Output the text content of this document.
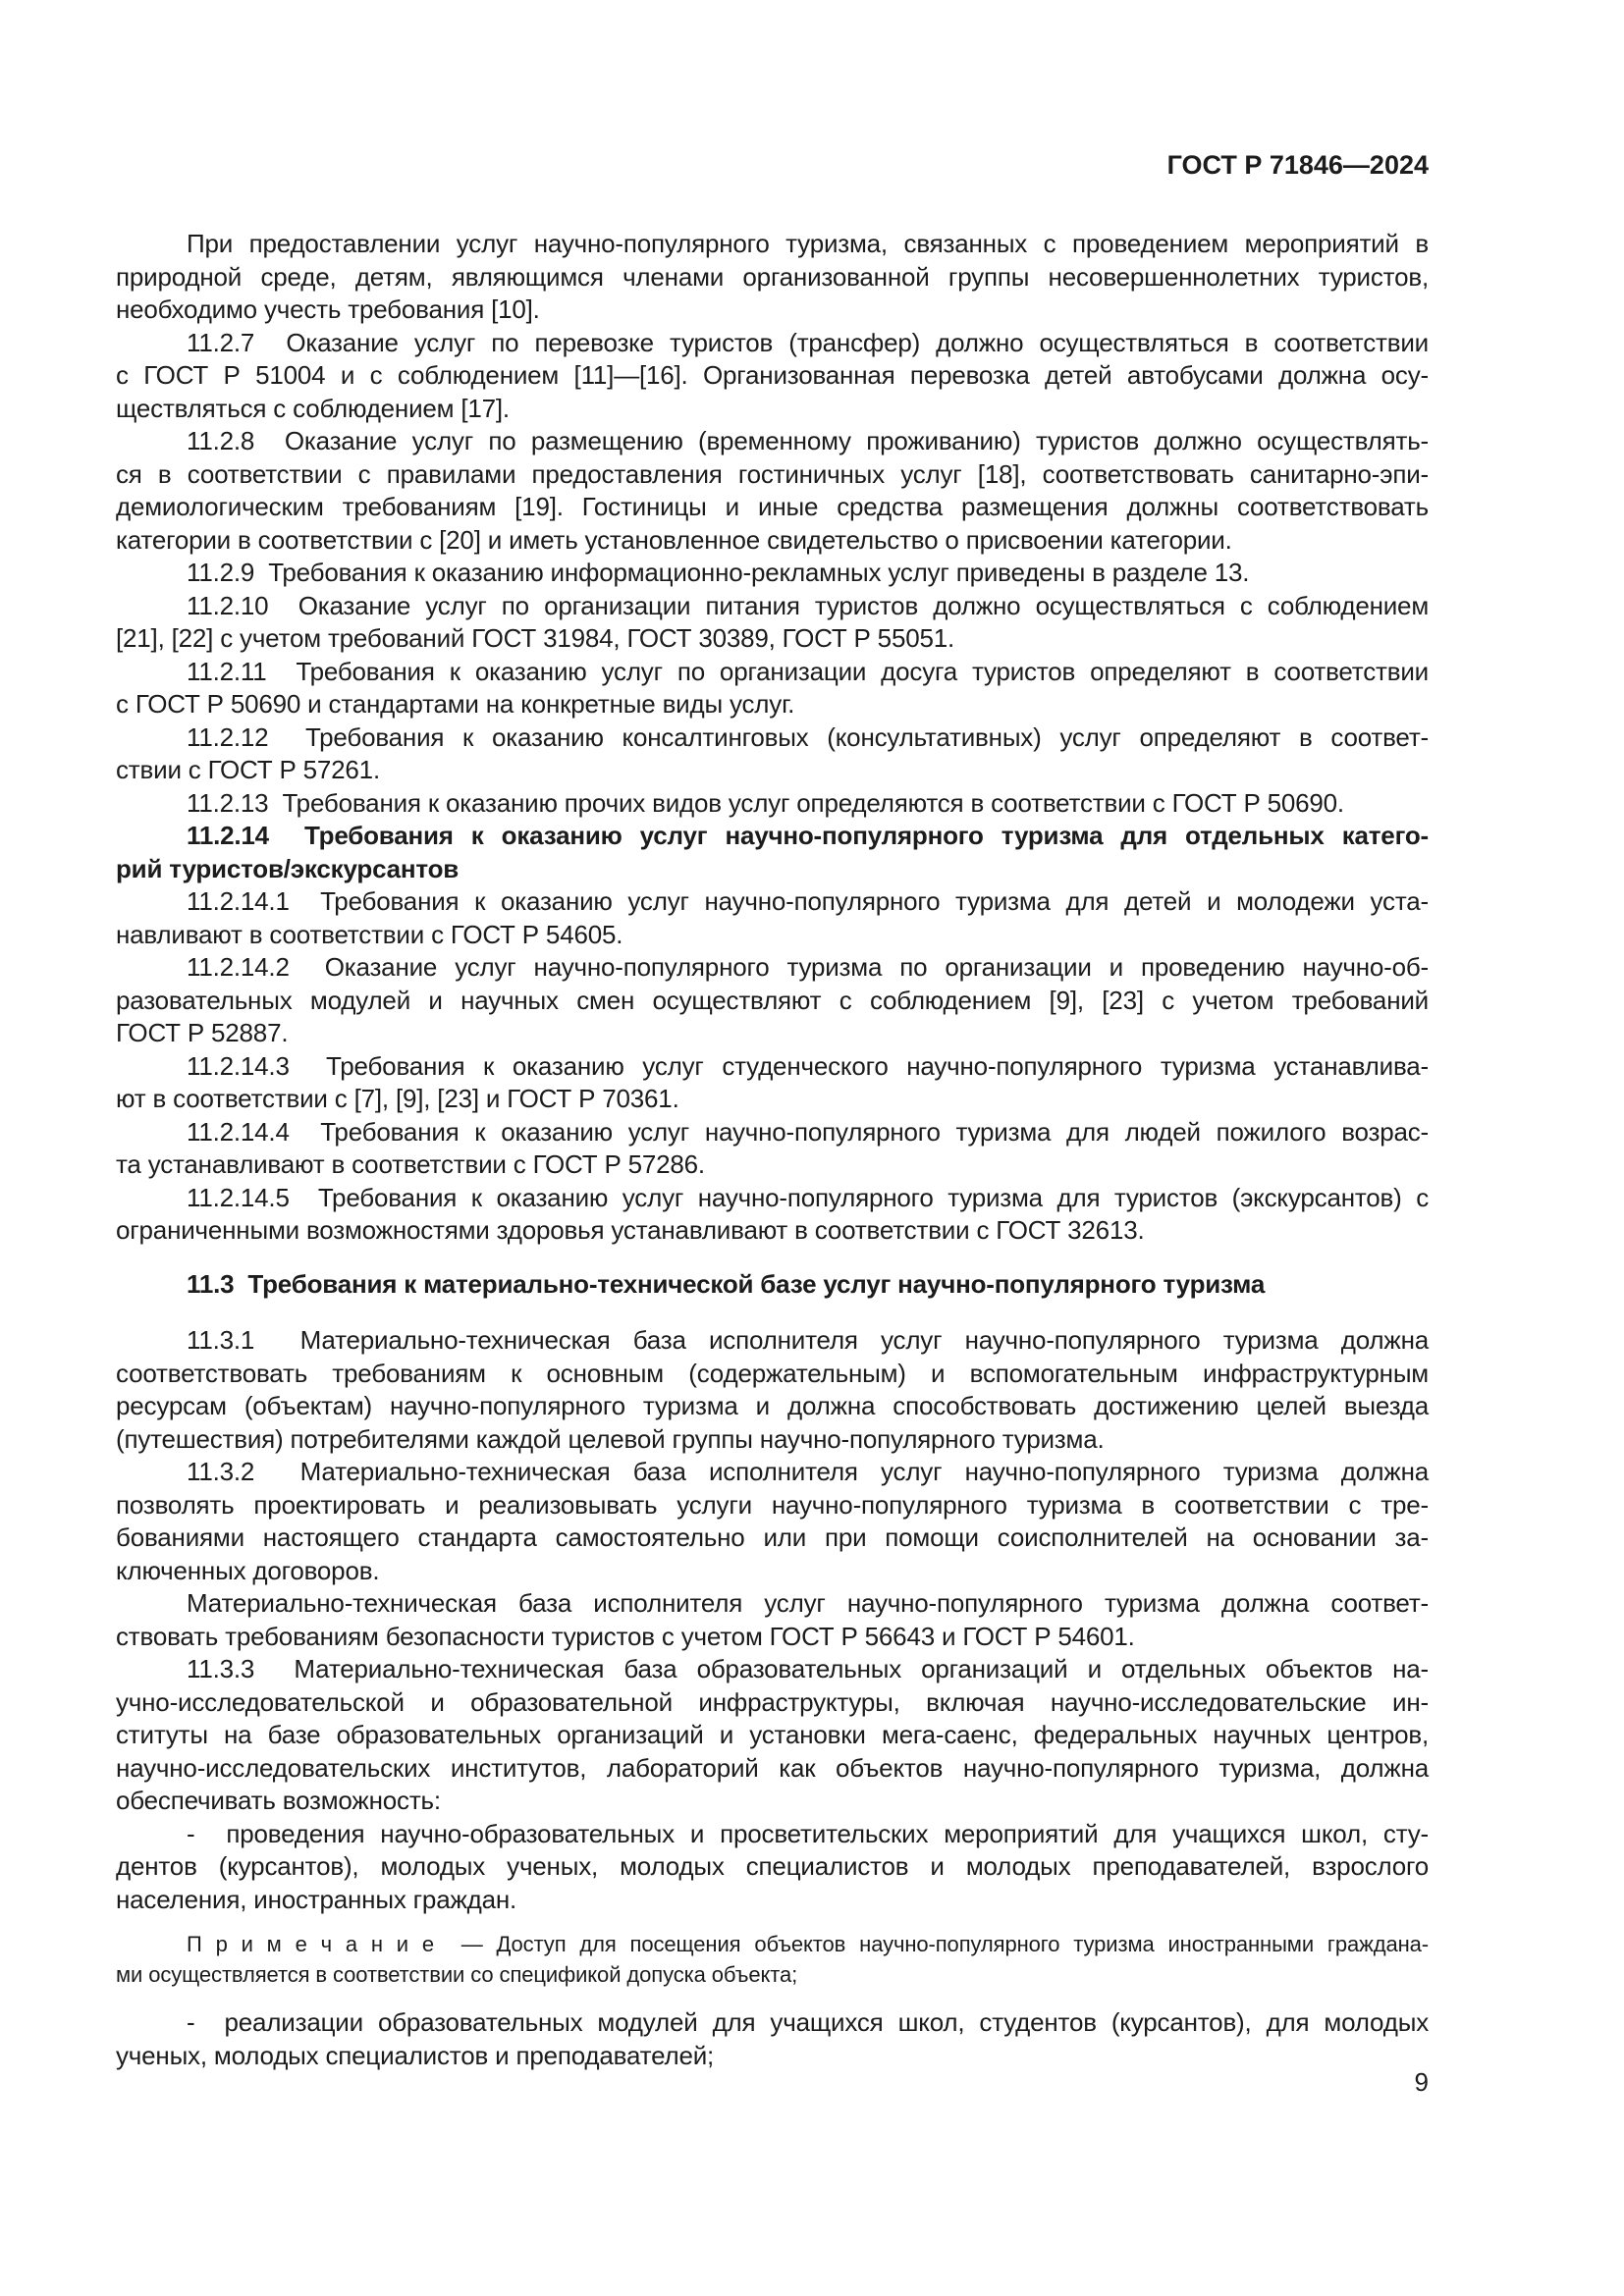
ГОСТ Р 71846—2024
При предоставлении услуг научно-популярного туризма, связанных с проведением мероприятий в
природной среде, детям, являющимся членами организованной группы несовершеннолетних туристов,
необходимо учесть требования [10].
11.2.7  Оказание услуг по перевозке туристов (трансфер) должно осуществляться в соответствии
с ГОСТ Р 51004 и с соблюдением [11]—[16]. Организованная перевозка детей автобусами должна осу-
ществляться с соблюдением [17].
11.2.8  Оказание услуг по размещению (временному проживанию) туристов должно осуществлять-
ся в соответствии с правилами предоставления гостиничных услуг [18], соответствовать санитарно-эпи-
демиологическим требованиям [19]. Гостиницы и иные средства размещения должны соответствовать
категории в соответствии с [20] и иметь установленное свидетельство о присвоении категории.
11.2.9  Требования к оказанию информационно-рекламных услуг приведены в разделе 13.
11.2.10  Оказание услуг по организации питания туристов должно осуществляться с соблюдением
[21], [22] с учетом требований ГОСТ 31984, ГОСТ 30389, ГОСТ Р 55051.
11.2.11  Требования к оказанию услуг по организации досуга туристов определяют в соответствии
с ГОСТ Р 50690 и стандартами на конкретные виды услуг.
11.2.12  Требования к оказанию консалтинговых (консультативных) услуг определяют в соответ-
ствии с ГОСТ Р 57261.
11.2.13  Требования к оказанию прочих видов услуг определяются в соответствии с ГОСТ Р 50690.
11.2.14  Требования к оказанию услуг научно-популярного туризма для отдельных катего-
рий туристов/экскурсантов
11.2.14.1  Требования к оказанию услуг научно-популярного туризма для детей и молодежи уста-
навливают в соответствии с ГОСТ Р 54605.
11.2.14.2  Оказание услуг научно-популярного туризма по организации и проведению научно-об-
разовательных модулей и научных смен осуществляют с соблюдением [9], [23] с учетом требований
ГОСТ Р 52887.
11.2.14.3  Требования к оказанию услуг студенческого научно-популярного туризма устанавлива-
ют в соответствии с [7], [9], [23] и ГОСТ Р 70361.
11.2.14.4  Требования к оказанию услуг научно-популярного туризма для людей пожилого возрас-
та устанавливают в соответствии с ГОСТ Р 57286.
11.2.14.5  Требования к оказанию услуг научно-популярного туризма для туристов (экскурсантов) с
ограниченными возможностями здоровья устанавливают в соответствии с ГОСТ 32613.
11.3  Требования к материально-технической базе услуг научно-популярного туризма
11.3.1  Материально-техническая база исполнителя услуг научно-популярного туризма должна
соответствовать требованиям к основным (содержательным) и вспомогательным инфраструктурным
ресурсам (объектам) научно-популярного туризма и должна способствовать достижению целей выезда
(путешествия) потребителями каждой целевой группы научно-популярного туризма.
11.3.2  Материально-техническая база исполнителя услуг научно-популярного туризма должна
позволять проектировать и реализовывать услуги научно-популярного туризма в соответствии с тре-
бованиями настоящего стандарта самостоятельно или при помощи соисполнителей на основании за-
ключенных договоров.
Материально-техническая база исполнителя услуг научно-популярного туризма должна соответ-
ствовать требованиям безопасности туристов с учетом ГОСТ Р 56643 и ГОСТ Р 54601.
11.3.3  Материально-техническая база образовательных организаций и отдельных объектов на-
учно-исследовательской и образовательной инфраструктуры, включая научно-исследовательские ин-
ституты на базе образовательных организаций и установки мега-саенс, федеральных научных центров,
научно-исследовательских институтов, лабораторий как объектов научно-популярного туризма, должна
обеспечивать возможность:
-  проведения научно-образовательных и просветительских мероприятий для учащихся школ, сту-
дентов (курсантов), молодых ученых, молодых специалистов и молодых преподавателей, взрослого
населения, иностранных граждан.
П р и м е ч а н и е  — Доступ для посещения объектов научно-популярного туризма иностранными граждана-
ми осуществляется в соответствии со спецификой допуска объекта;
-  реализации образовательных модулей для учащихся школ, студентов (курсантов), для молодых
ученых, молодых специалистов и преподавателей;
9
